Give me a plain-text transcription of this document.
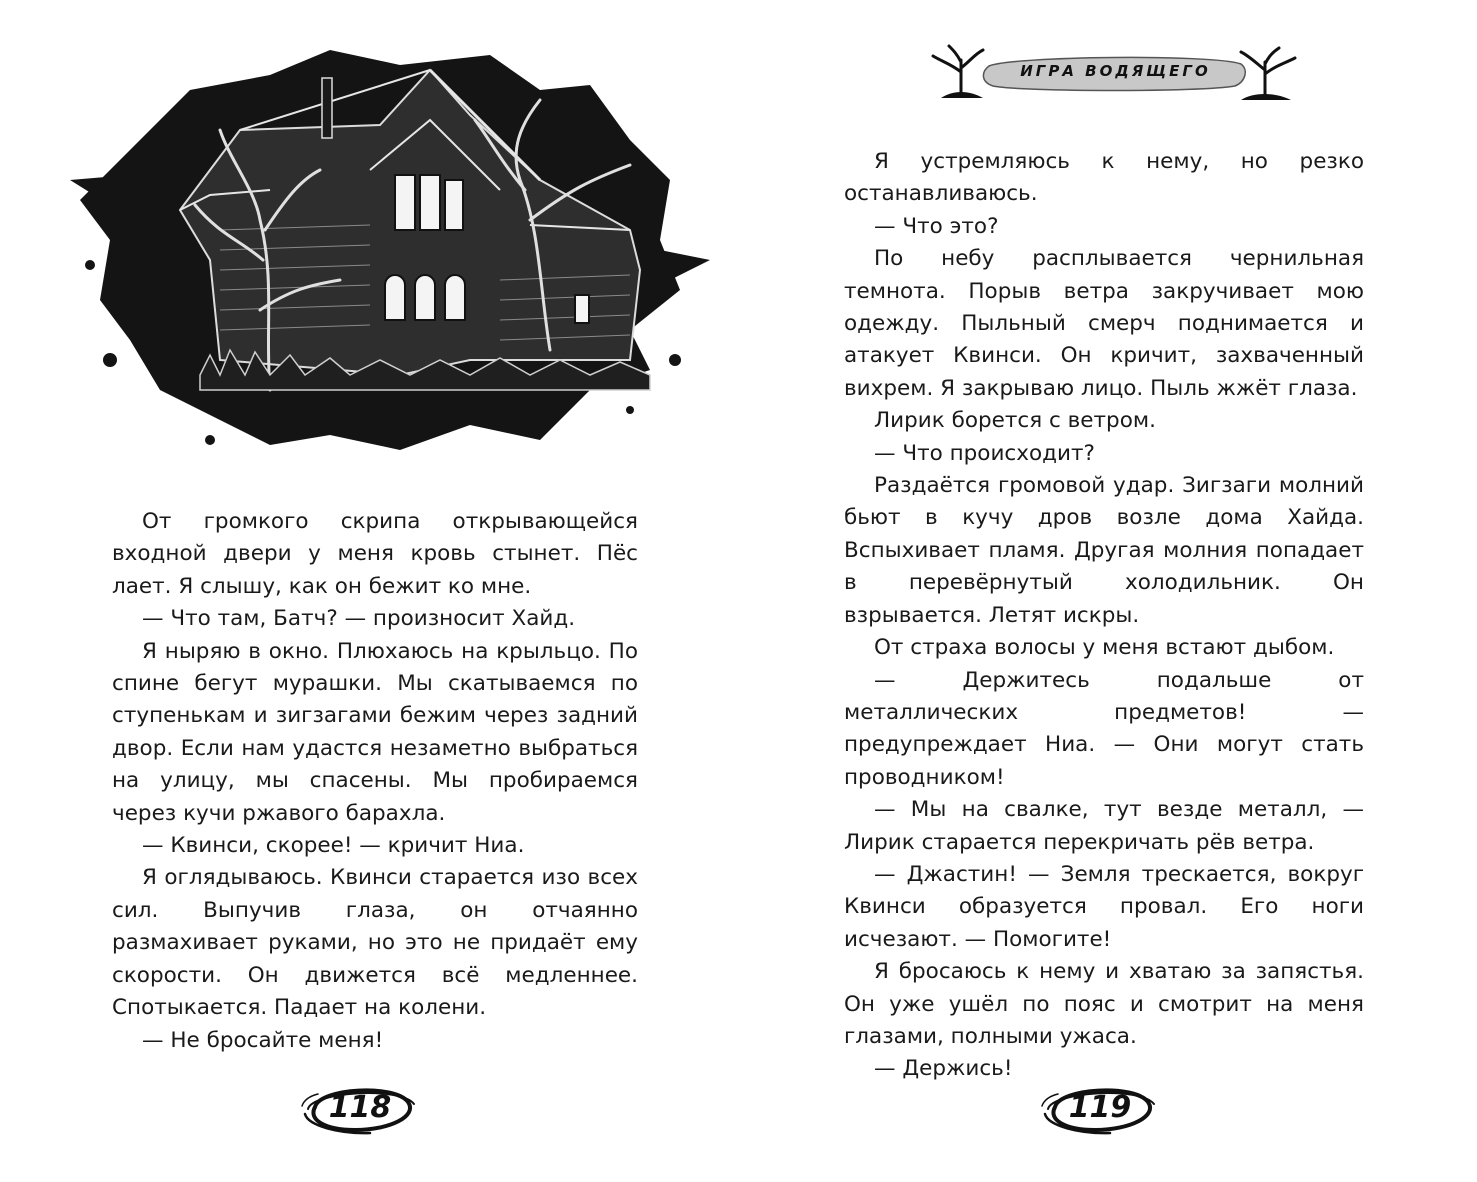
От громкого скрипа открывающейся входной двери у меня кровь стынет. Пёс лает. Я слышу, как он бежит ко мне.

— Что там, Батч? — произносит Хайд.

Я ныряю в окно. Плюхаюсь на крыльцо. По спине бегут мурашки. Мы скатываемся по ступенькам и зигзагами бежим через задний двор. Если нам удастся незаметно выбраться на улицу, мы спасены. Мы пробираемся через кучи ржавого барахла.

— Квинси, скорее! — кричит Ниа.

Я оглядываюсь. Квинси старается изо всех сил. Выпучив глаза, он отчаянно размахивает руками, но это не придаёт ему скорости. Он движется всё медленнее. Спотыкается. Падает на колени.

— Не бросайте меня!

118
ИГРА ВОДЯЩЕГО

Я устремляюсь к нему, но резко останавливаюсь.

— Что это?

По небу расплывается чернильная темнота. Порыв ветра закручивает мою одежду. Пыльный смерч поднимается и атакует Квинси. Он кричит, захваченный вихрем. Я закрываю лицо. Пыль жжёт глаза.

Лирик борется с ветром.

— Что происходит?

Раздаётся громовой удар. Зигзаги молний бьют в кучу дров возле дома Хайда. Вспыхивает пламя. Другая молния попадает в перевёрнутый холодильник. Он взрывается. Летят искры.

От страха волосы у меня встают дыбом.

— Держитесь подальше от металлических предметов! — предупреждает Ниа. — Они могут стать проводником!

— Мы на свалке, тут везде металл, — Лирик старается перекричать рёв ветра.

— Джастин! — Земля трескается, вокруг Квинси образуется провал. Его ноги исчезают. — Помогите!

Я бросаюсь к нему и хватаю за запястья. Он уже ушёл по пояс и смотрит на меня глазами, полными ужаса.

— Держись!

119
